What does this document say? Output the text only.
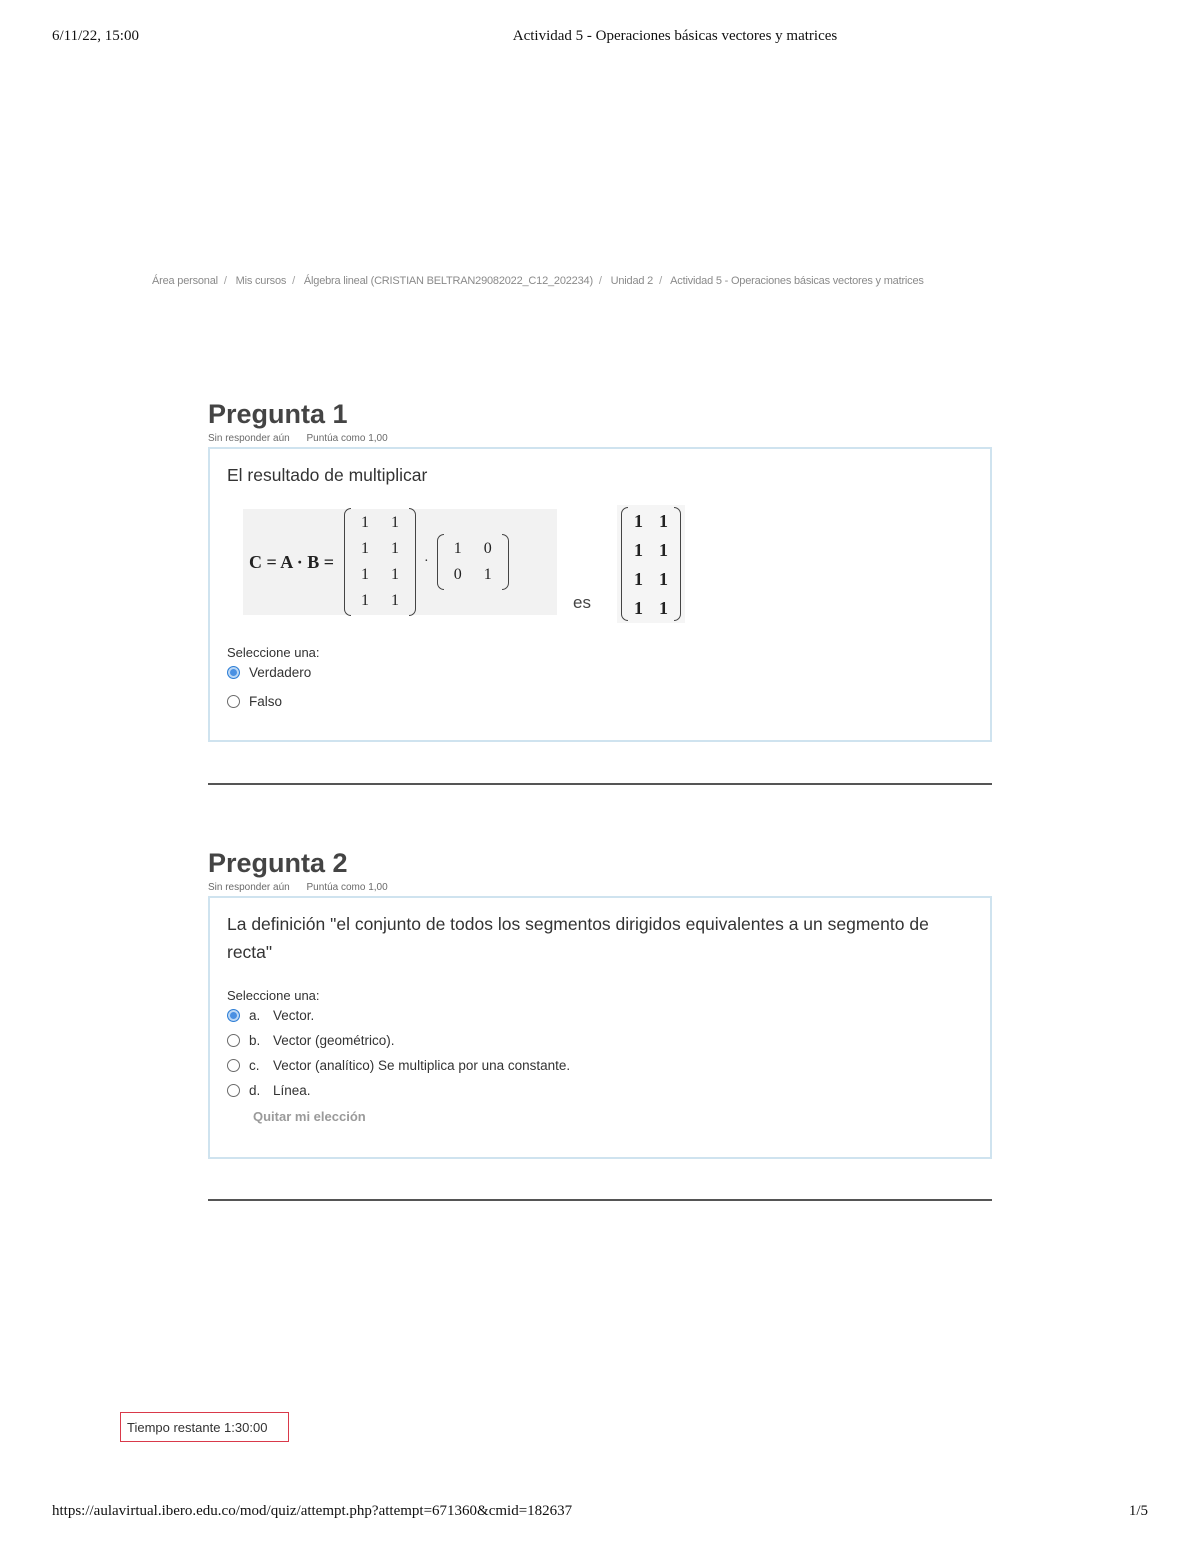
6/11/22, 15:00	Actividad 5 - Operaciones básicas vectores y matrices
Área personal / Mis cursos / Álgebra lineal (CRISTIAN BELTRAN29082022_C12_202234) / Unidad 2 / Actividad 5 - Operaciones básicas vectores y matrices
Pregunta 1
Sin responder aún Puntúa como 1,00
El resultado de multiplicar
C = A · B =
1 1
1 1
1 1
1 1
·
1 0
0 1
es
1 1
1 1
1 1
1 1
Seleccione una:
Verdadero
Falso
Pregunta 2
Sin responder aún Puntúa como 1,00
La definición "el conjunto de todos los segmentos dirigidos equivalentes a un segmento de recta"
Seleccione una:
a. Vector.
b. Vector (geométrico).
c. Vector (analítico) Se multiplica por una constante.
d. Línea.
Quitar mi elección
Tiempo restante 1:30:00
https://aulavirtual.ibero.edu.co/mod/quiz/attempt.php?attempt=671360&cmid=182637	1/5
